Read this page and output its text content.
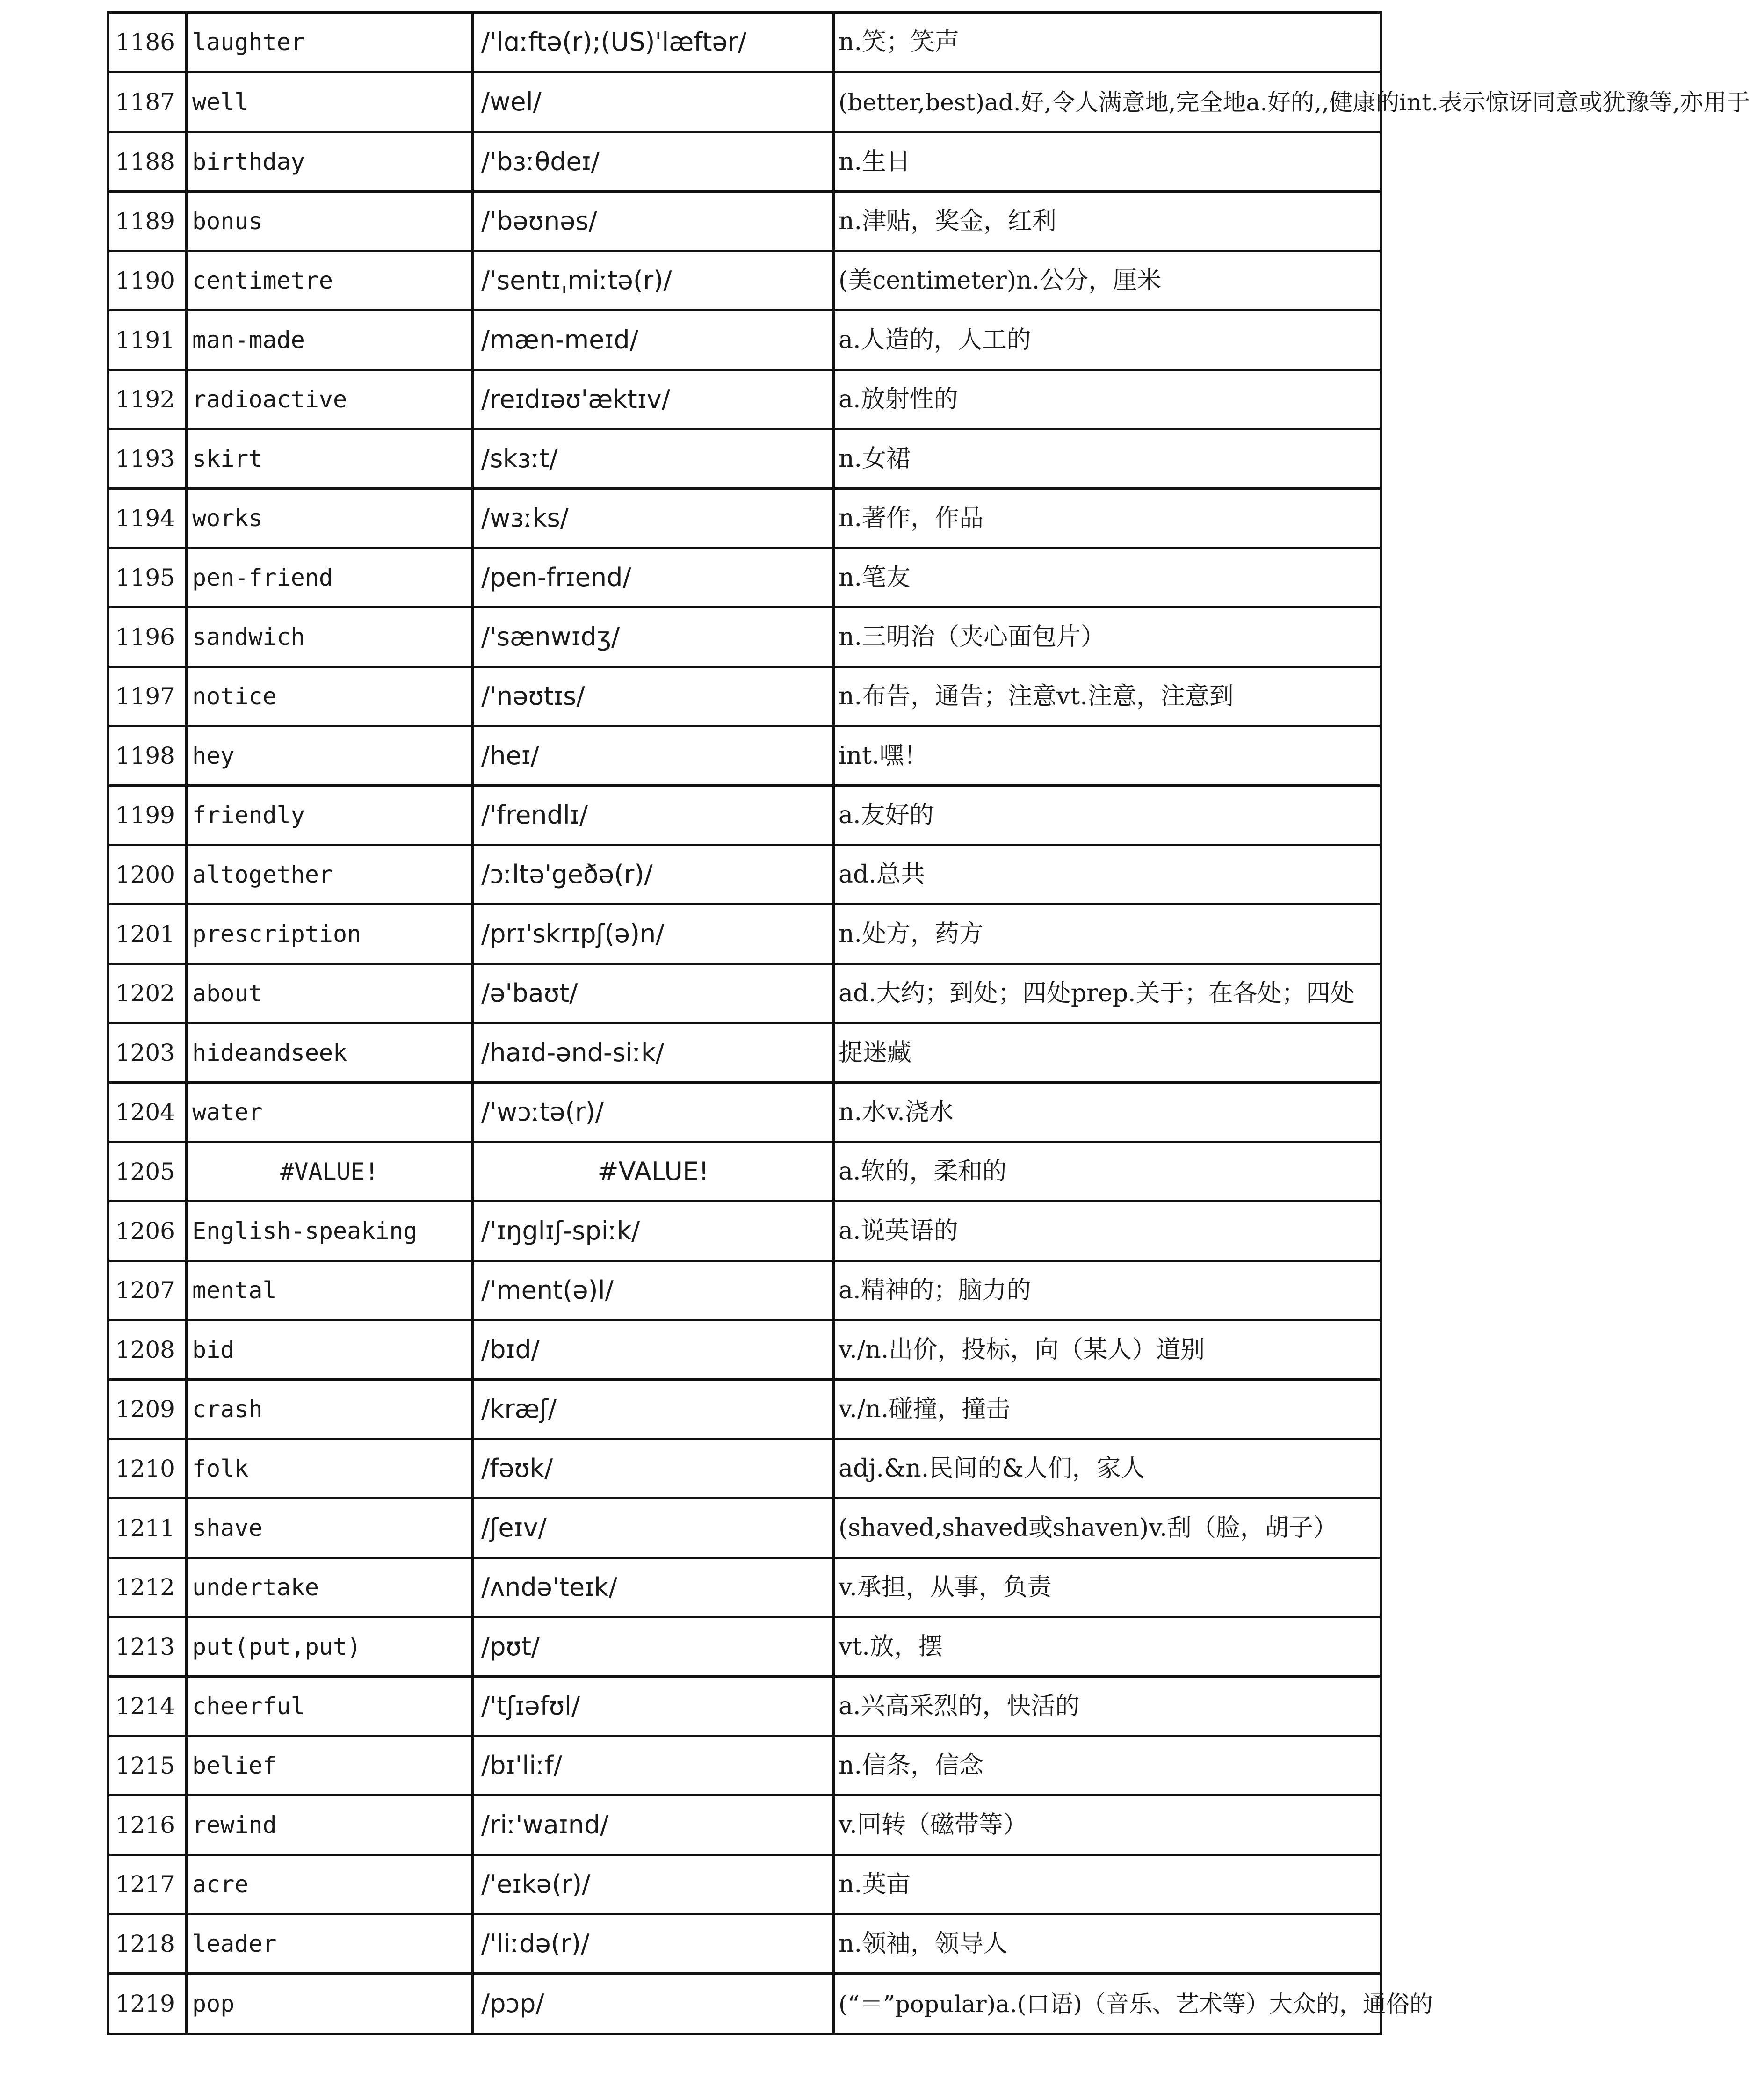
1186	laughter	/'lɑːftə(r);(US)'læftər/	n.笑；笑声
1187	well	/wel/	(better,best)ad.好,令人满意地,完全地a.好的,,健康的int.表示惊讶同意或犹豫等,亦用于
1188	birthday	/'bɜːθdeɪ/	n.生日
1189	bonus	/'bəʊnəs/	n.津贴，奖金，红利
1190	centimetre	/'sentɪˌmiːtə(r)/	(美centimeter)n.公分，厘米
1191	man-made	/mæn-meɪd/	a.人造的，人工的
1192	radioactive	/reɪdɪəʊ'æktɪv/	a.放射性的
1193	skirt	/skɜːt/	n.女裙
1194	works	/wɜːks/	n.著作，作品
1195	pen-friend	/pen-frɪend/	n.笔友
1196	sandwich	/'sænwɪdʒ/	n.三明治（夹心面包片）
1197	notice	/'nəʊtɪs/	n.布告，通告；注意vt.注意，注意到
1198	hey	/heɪ/	int.嘿！
1199	friendly	/'frendlɪ/	a.友好的
1200	altogether	/ɔːltə'geðə(r)/	ad.总共
1201	prescription	/prɪ'skrɪpʃ(ə)n/	n.处方，药方
1202	about	/ə'baʊt/	ad.大约；到处；四处prep.关于；在各处；四处
1203	hideandseek	/haɪd-ənd-siːk/	捉迷藏
1204	water	/'wɔːtə(r)/	n.水v.浇水
1205	#VALUE!	#VALUE!	a.软的，柔和的
1206	English-speaking	/'ɪŋglɪʃ-spiːk/	a.说英语的
1207	mental	/'ment(ə)l/	a.精神的；脑力的
1208	bid	/bɪd/	v./n.出价，投标，向（某人）道别
1209	crash	/kræʃ/	v./n.碰撞，撞击
1210	folk	/fəʊk/	adj.&n.民间的&人们，家人
1211	shave	/ʃeɪv/	(shaved,shaved或shaven)v.刮（脸，胡子）
1212	undertake	/ʌndə'teɪk/	v.承担，从事，负责
1213	put(put,put)	/pʊt/	vt.放，摆
1214	cheerful	/'tʃɪəfʊl/	a.兴高采烈的，快活的
1215	belief	/bɪ'liːf/	n.信条，信念
1216	rewind	/riː'waɪnd/	v.回转（磁带等）
1217	acre	/'eɪkə(r)/	n.英亩
1218	leader	/'liːdə(r)/	n.领袖，领导人
1219	pop	/pɔp/	(“＝”popular)a.(口语)（音乐、艺术等）大众的，通俗的
